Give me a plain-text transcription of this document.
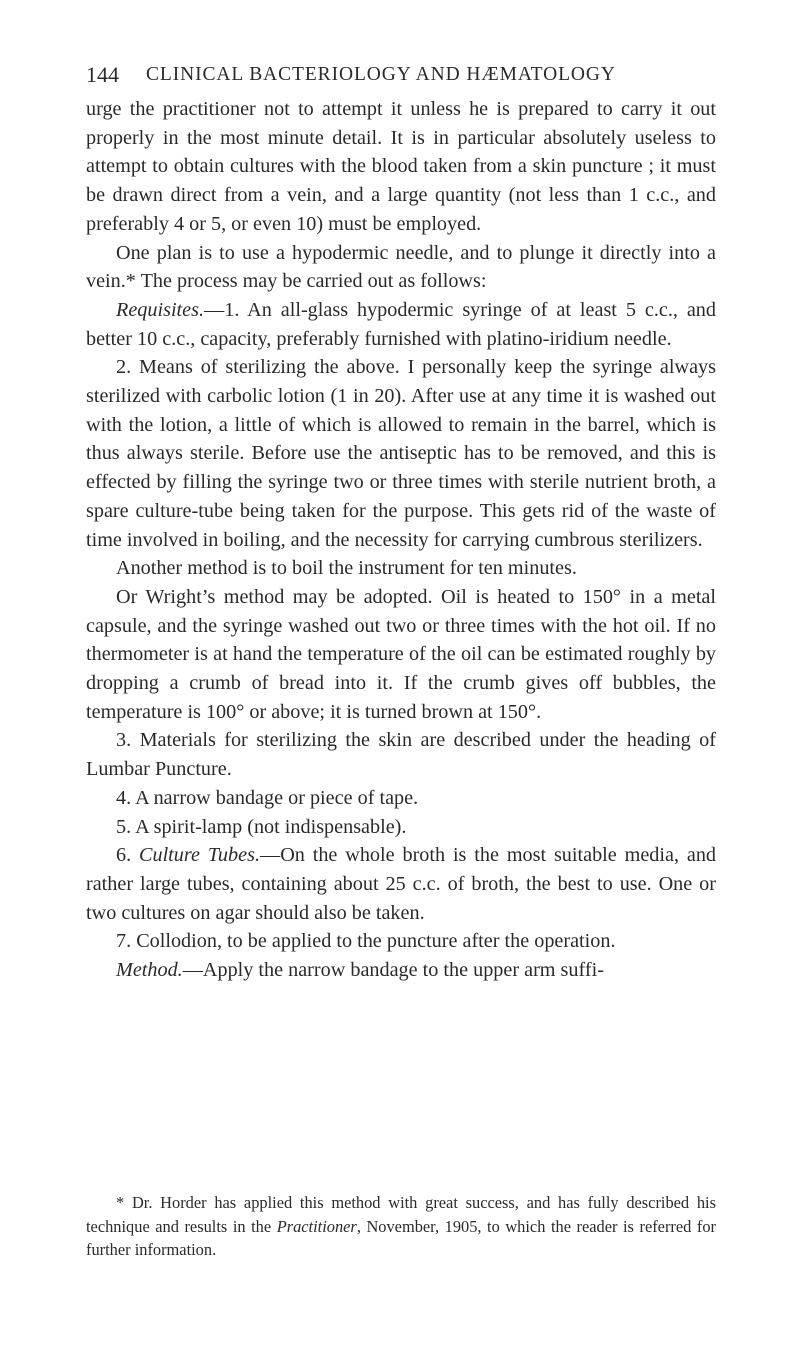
144 CLINICAL BACTERIOLOGY AND HÆMATOLOGY

urge the practitioner not to attempt it unless he is prepared to carry it out properly in the most minute detail. It is in particular absolutely useless to attempt to obtain cultures with the blood taken from a skin puncture ; it must be drawn direct from a vein, and a large quantity (not less than 1 c.c., and preferably 4 or 5, or even 10) must be employed.

One plan is to use a hypodermic needle, and to plunge it directly into a vein.* The process may be carried out as follows:

Requisites.—1. An all-glass hypodermic syringe of at least 5 c.c., and better 10 c.c., capacity, preferably furnished with platino-iridium needle.

2. Means of sterilizing the above. I personally keep the syringe always sterilized with carbolic lotion (1 in 20). After use at any time it is washed out with the lotion, a little of which is allowed to remain in the barrel, which is thus always sterile. Before use the antiseptic has to be removed, and this is effected by filling the syringe two or three times with sterile nutrient broth, a spare culture-tube being taken for the purpose. This gets rid of the waste of time involved in boiling, and the necessity for carrying cumbrous sterilizers.

Another method is to boil the instrument for ten minutes.

Or Wright’s method may be adopted. Oil is heated to 150° in a metal capsule, and the syringe washed out two or three times with the hot oil. If no thermometer is at hand the temperature of the oil can be estimated roughly by dropping a crumb of bread into it. If the crumb gives off bubbles, the temperature is 100° or above; it is turned brown at 150°.

3. Materials for sterilizing the skin are described under the heading of Lumbar Puncture.

4. A narrow bandage or piece of tape.

5. A spirit-lamp (not indispensable).

6. Culture Tubes.—On the whole broth is the most suitable media, and rather large tubes, containing about 25 c.c. of broth, the best to use. One or two cultures on agar should also be taken.

7. Collodion, to be applied to the puncture after the operation.

Method.—Apply the narrow bandage to the upper arm suffi-

* Dr. Horder has applied this method with great success, and has fully described his technique and results in the Practitioner, November, 1905, to which the reader is referred for further information.
